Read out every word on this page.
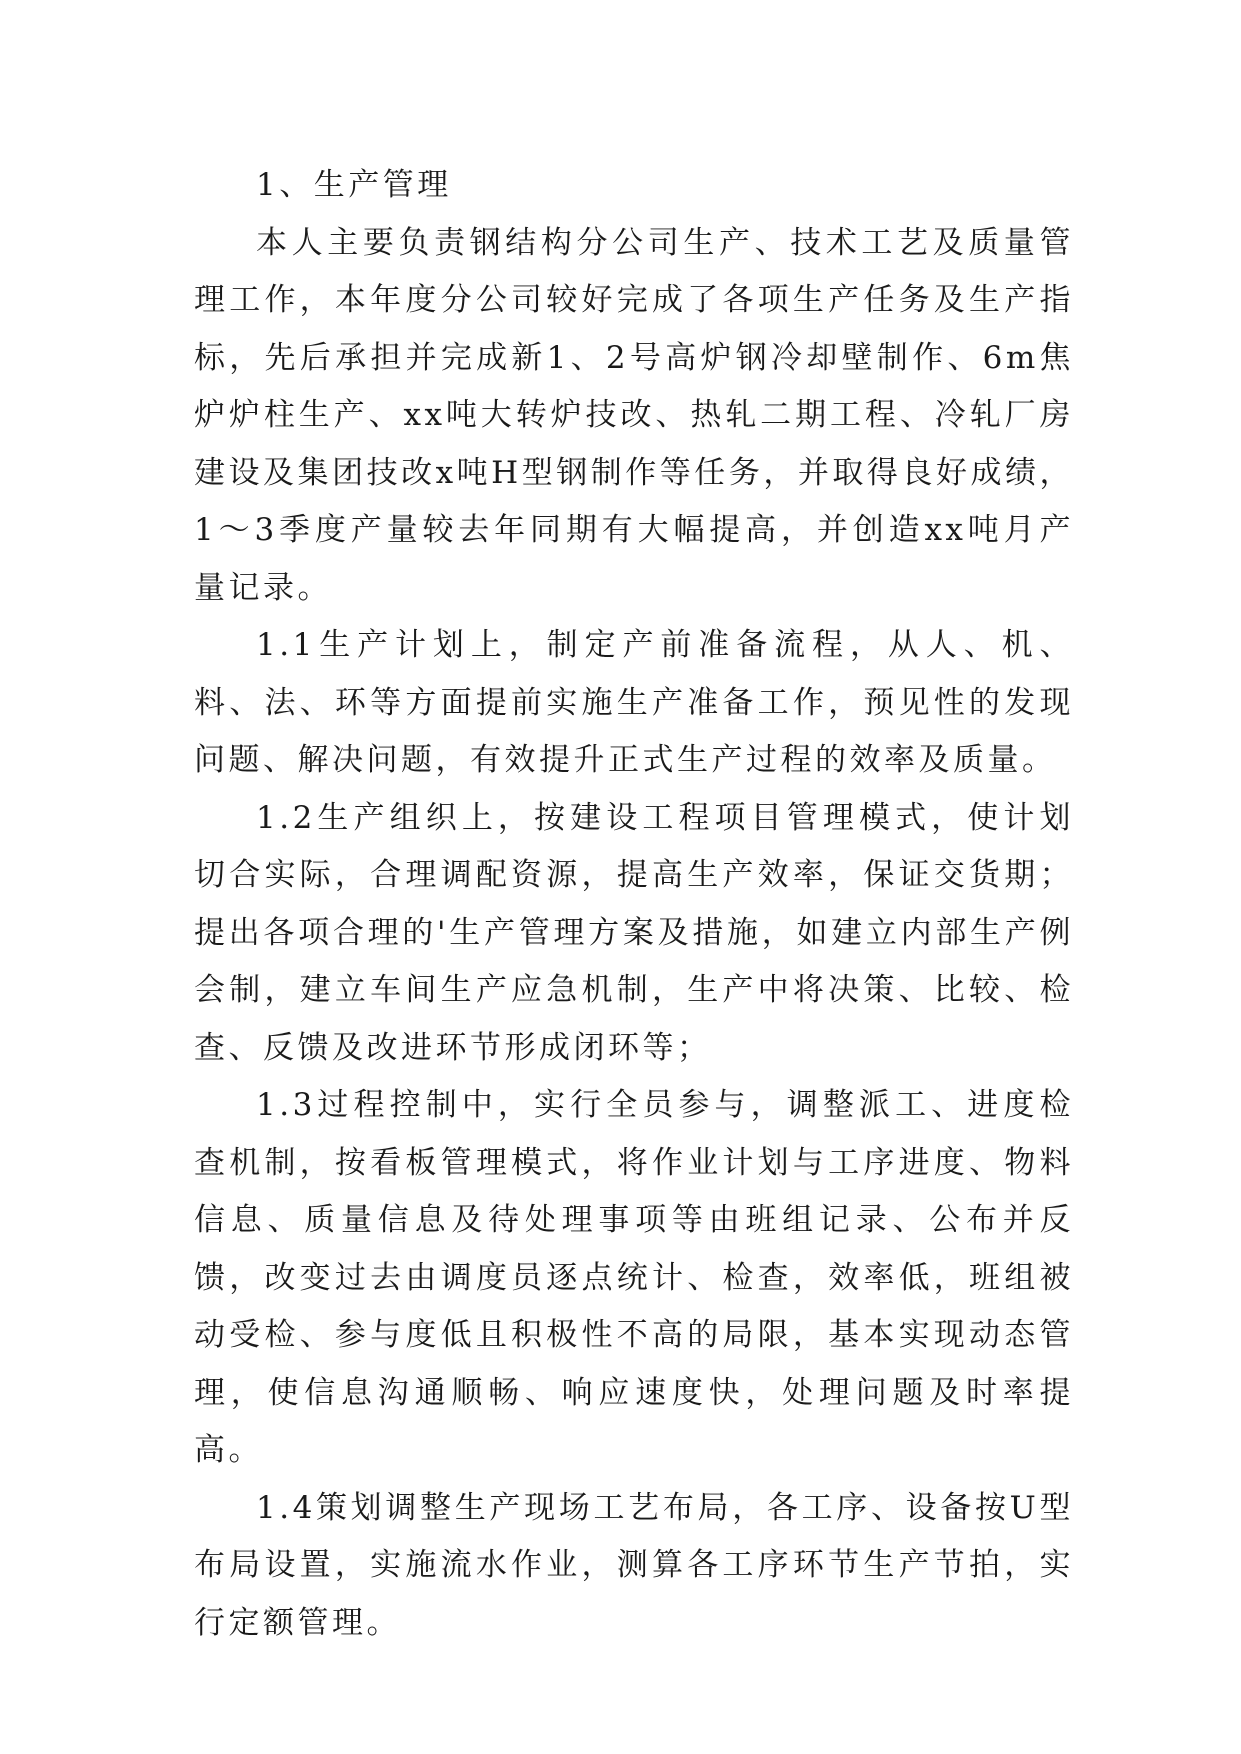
1、生产管理

本人主要负责钢结构分公司生产、技术工艺及质量管理工作，本年度分公司较好完成了各项生产任务及生产指标，先后承担并完成新1、2号高炉钢冷却壁制作、6m焦炉炉柱生产、xx吨大转炉技改、热轧二期工程、冷轧厂房建设及集团技改x吨H型钢制作等任务，并取得良好成绩，1～3季度产量较去年同期有大幅提高，并创造xx吨月产量记录。

1.1生产计划上，制定产前准备流程，从人、机、料、法、环等方面提前实施生产准备工作，预见性的发现问题、解决问题，有效提升正式生产过程的效率及质量。

1.2生产组织上，按建设工程项目管理模式，使计划切合实际，合理调配资源，提高生产效率，保证交货期；提出各项合理的'生产管理方案及措施，如建立内部生产例会制，建立车间生产应急机制，生产中将决策、比较、检查、反馈及改进环节形成闭环等；

1.3过程控制中，实行全员参与，调整派工、进度检查机制，按看板管理模式，将作业计划与工序进度、物料信息、质量信息及待处理事项等由班组记录、公布并反馈，改变过去由调度员逐点统计、检查，效率低，班组被动受检、参与度低且积极性不高的局限，基本实现动态管理，使信息沟通顺畅、响应速度快，处理问题及时率提高。

1.4策划调整生产现场工艺布局，各工序、设备按U型布局设置，实施流水作业，测算各工序环节生产节拍，实行定额管理。
